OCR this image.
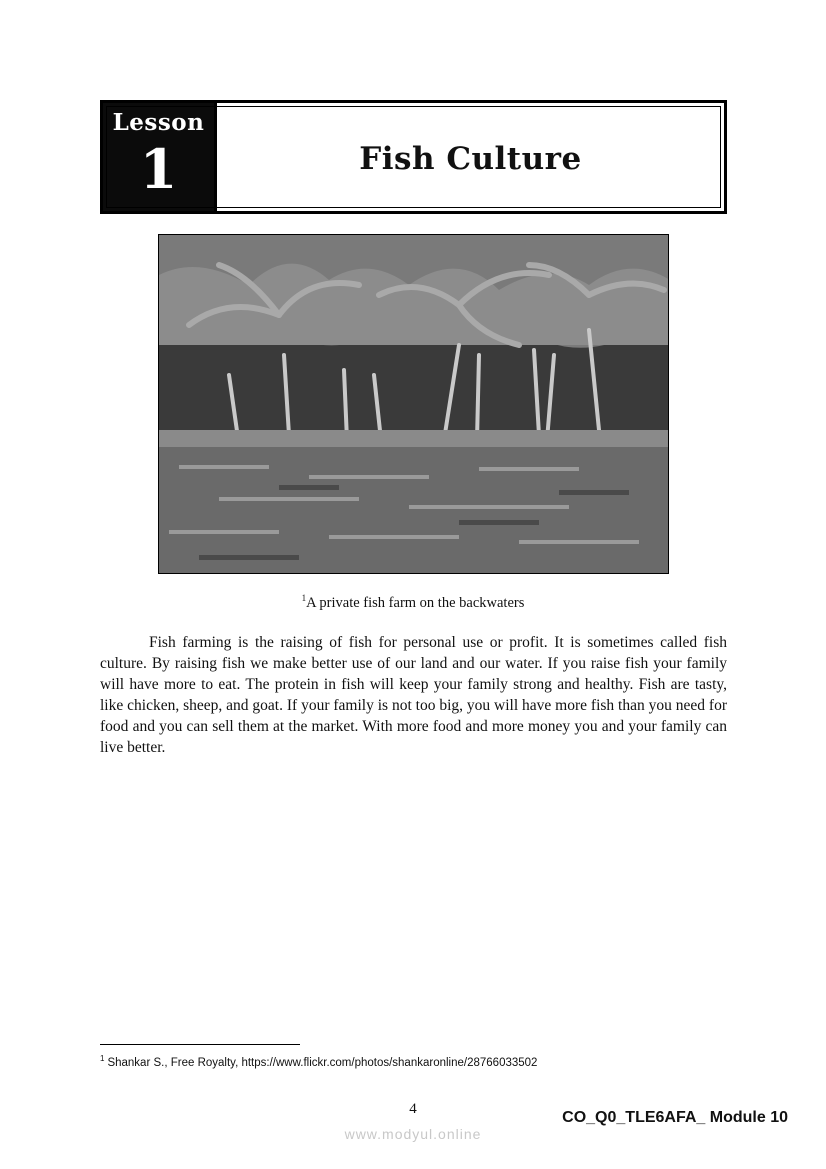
Lesson
1	Fish Culture
$^1$A private fish farm on the backwaters

Fish farming is the raising of fish for personal use or profit. It is sometimes called fish culture. By raising fish we make better use of our land and our water. If you raise fish your family will have more to eat. The protein in fish will keep your family strong and healthy. Fish are tasty, like chicken, sheep, and goat. If your family is not too big, you will have more fish than you need for food and you can sell them at the market. With more food and more money you and your family can live better.

$^1$ Shankar S., Free Royalty, https://www.flickr.com/photos/shankaronline/28766033502
4	CO_Q0_TLE6AFA_ Module 10
www.modyul.online
